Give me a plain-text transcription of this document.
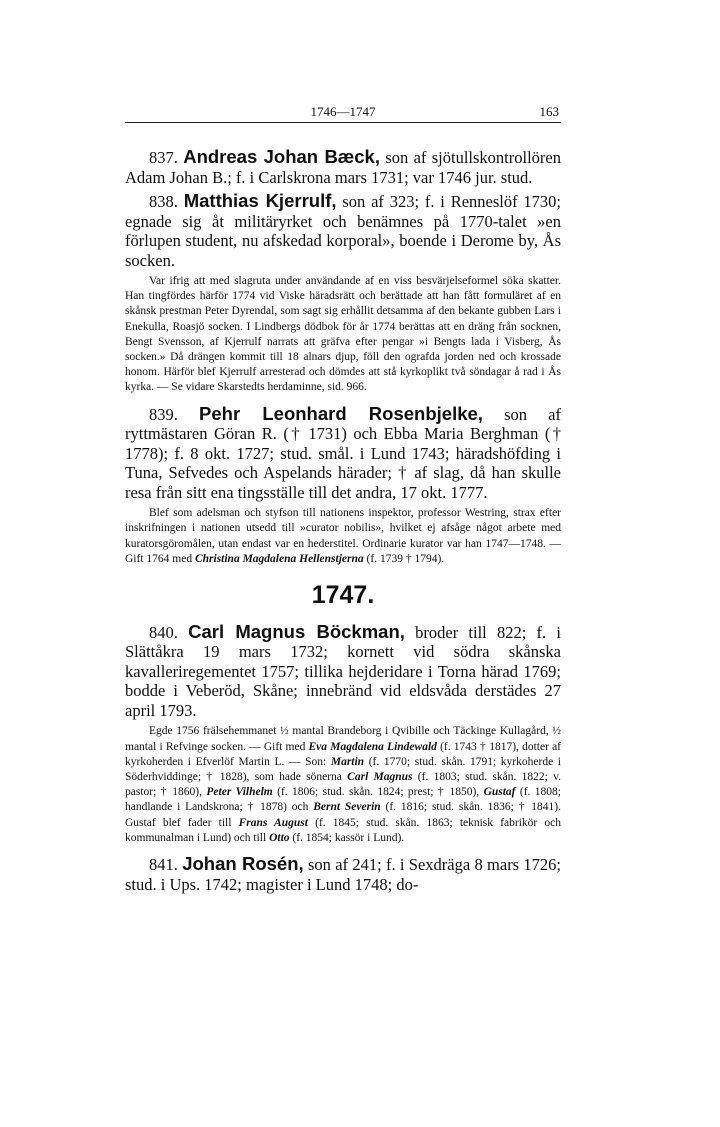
1746—1747	163

837. Andreas Johan Bæck, son af sjötullskontrollören Adam Johan B.; f. i Carlskrona mars 1731; var 1746 jur. stud.

838. Matthias Kjerrulf, son af 323; f. i Renneslöf 1730; egnade sig åt militäryrket och benämnes på 1770-talet »en förlupen student, nu afskedad korporal», boende i Derome by, Ås socken.

Var ifrig att med slagruta under användande af en viss besvärjelseformel söka skatter. Han tingfördes härför 1774 vid Viske häradsrätt och berättade att han fått formuläret af en skånsk prestman Peter Dyrendal, som sagt sig erhållit detsamma af den bekante gubben Lars i Enekulla, Roasjö socken. I Lindbergs dödbok för år 1774 berättas att en dräng från socknen, Bengt Svensson, af Kjerrulf narrats att gräfva efter pengar »i Bengts lada i Visberg, Ås socken.» Då drängen kommit till 18 alnars djup, föll den ografda jorden ned och krossade honom. Härför blef Kjerrulf arresterad och dömdes att stå kyrkoplikt två söndagar å rad i Ås kyrka. — Se vidare Skarstedts herdaminne, sid. 966.

839. Pehr Leonhard Rosenbjelke, son af ryttmästaren Göran R. († 1731) och Ebba Maria Berghman († 1778); f. 8 okt. 1727; stud. smål. i Lund 1743; häradshöfding i Tuna, Sefvedes och Aspelands härader; † af slag, då han skulle resa från sitt ena tingsställe till det andra, 17 okt. 1777.

Blef som adelsman och styfson till nationens inspektor, professor Westring, strax efter inskrifningen i nationen utsedd till »curator nobilis», hvilket ej afsåge något arbete med kuratorsgöromålen, utan endast var en hederstitel. Ordinarie kurator var han 1747—1748. — Gift 1764 med Christina Magdalena Hellenstjerna (f. 1739 † 1794).

1747.

840. Carl Magnus Böckman, broder till 822; f. i Slättåkra 19 mars 1732; kornett vid södra skånska kavalleriregementet 1757; tillika hejderidare i Torna härad 1769; bodde i Veberöd, Skåne; innebränd vid eldsvåda derstädes 27 april 1793.

Egde 1756 frälsehemmanet ½ mantal Brandeborg i Qvibille och Täckinge Kullagård, ½ mantal i Refvinge socken. — Gift med Eva Magdalena Lindewald (f. 1743 † 1817), dotter af kyrkoherden i Efverlöf Martin L. — Son: Martin (f. 1770; stud. skån. 1791; kyrkoherde i Söderhviddinge; † 1828), som hade sönerna Carl Magnus (f. 1803; stud. skån. 1822; v. pastor; † 1860), Peter Vilhelm (f. 1806; stud. skån. 1824; prest; † 1850), Gustaf (f. 1808; handlande i Landskrona; † 1878) och Bernt Severin (f. 1816; stud. skån. 1836; † 1841). Gustaf blef fader till Frans August (f. 1845; stud. skån. 1863; teknisk fabrikör och kommunalman i Lund) och till Otto (f. 1854; kassör i Lund).

841. Johan Rosén, son af 241; f. i Sexdräga 8 mars 1726; stud. i Ups. 1742; magister i Lund 1748; do-
